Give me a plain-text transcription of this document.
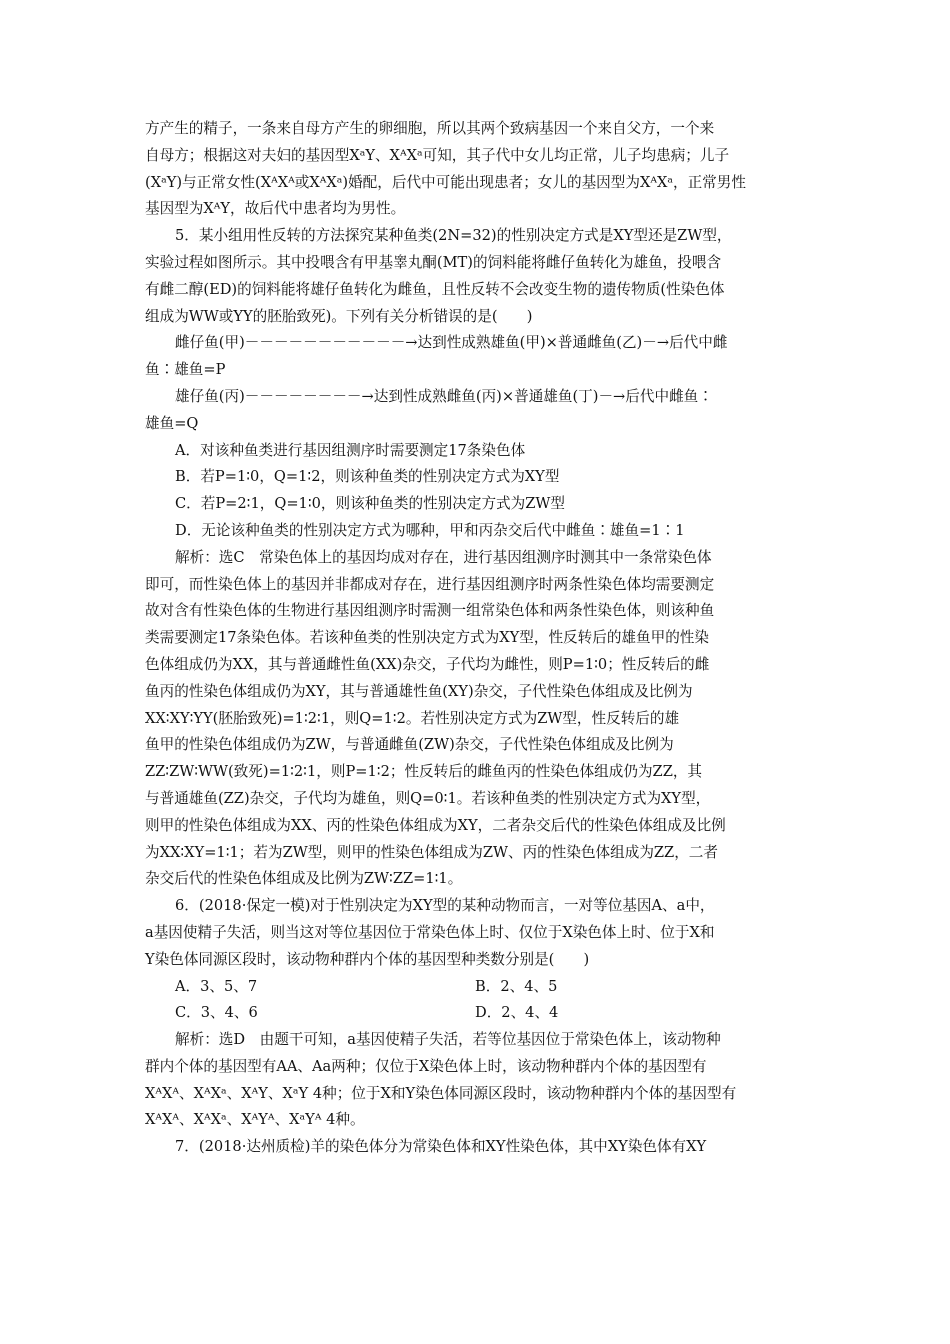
方产生的精子，一条来自母方产生的卵细胞，所以其两个致病基因一个来自父方，一个来
自母方；根据这对夫妇的基因型XᵃY、XᴬXᵃ可知，其子代中女儿均正常，儿子均患病；儿子
(XᵃY)与正常女性(XᴬXᴬ或XᴬXᵃ)婚配，后代中可能出现患者；女儿的基因型为XᴬXᵃ，正常男性
基因型为XᴬY，故后代中患者均为男性。
5．某小组用性反转的方法探究某种鱼类(2N=32)的性别决定方式是XY型还是ZW型，
实验过程如图所示。其中投喂含有甲基睾丸酮(MT)的饲料能将雌仔鱼转化为雄鱼，投喂含
有雌二醇(ED)的饲料能将雄仔鱼转化为雌鱼，且性反转不会改变生物的遗传物质(性染色体
组成为WW或YY的胚胎致死)。下列有关分析错误的是(　　)
雌仔鱼(甲)－－－－－－－－－－－→达到性成熟雄鱼(甲)×普通雌鱼(乙)－→后代中雌
鱼∶雄鱼=P
雄仔鱼(丙)－－－－－－－－→达到性成熟雌鱼(丙)×普通雄鱼(丁)－→后代中雌鱼∶
雄鱼=Q
A．对该种鱼类进行基因组测序时需要测定17条染色体
B．若P=1∶0，Q=1∶2，则该种鱼类的性别决定方式为XY型
C．若P=2∶1，Q=1∶0，则该种鱼类的性别决定方式为ZW型
D．无论该种鱼类的性别决定方式为哪种，甲和丙杂交后代中雌鱼∶雄鱼=1∶1
解析：选C　常染色体上的基因均成对存在，进行基因组测序时测其中一条常染色体
即可，而性染色体上的基因并非都成对存在，进行基因组测序时两条性染色体均需要测定
故对含有性染色体的生物进行基因组测序时需测一组常染色体和两条性染色体，则该种鱼
类需要测定17条染色体。若该种鱼类的性别决定方式为XY型，性反转后的雄鱼甲的性染
色体组成仍为XX，其与普通雌性鱼(XX)杂交，子代均为雌性，则P=1∶0；性反转后的雌
鱼丙的性染色体组成仍为XY，其与普通雄性鱼(XY)杂交，子代性染色体组成及比例为
XX∶XY∶YY(胚胎致死)=1∶2∶1，则Q=1∶2。若性别决定方式为ZW型，性反转后的雄
鱼甲的性染色体组成仍为ZW，与普通雌鱼(ZW)杂交，子代性染色体组成及比例为
ZZ∶ZW∶WW(致死)=1∶2∶1，则P=1∶2；性反转后的雌鱼丙的性染色体组成仍为ZZ，其
与普通雄鱼(ZZ)杂交，子代均为雄鱼，则Q=0∶1。若该种鱼类的性别决定方式为XY型，
则甲的性染色体组成为XX、丙的性染色体组成为XY，二者杂交后代的性染色体组成及比例
为XX∶XY=1∶1；若为ZW型，则甲的性染色体组成为ZW、丙的性染色体组成为ZZ，二者
杂交后代的性染色体组成及比例为ZW∶ZZ=1∶1。
6．(2018·保定一模)对于性别决定为XY型的某种动物而言，一对等位基因A、a中，
a基因使精子失活，则当这对等位基因位于常染色体上时、仅位于X染色体上时、位于X和
Y染色体同源区段时，该动物种群内个体的基因型种类数分别是(　　)
A．3、5、7	B．2、4、5
C．3、4、6	D．2、4、4
解析：选D　由题干可知，a基因使精子失活，若等位基因位于常染色体上，该动物种
群内个体的基因型有AA、Aa两种；仅位于X染色体上时，该动物种群内个体的基因型有
XᴬXᴬ、XᴬXᵃ、XᴬY、XᵃY 4种；位于X和Y染色体同源区段时，该动物种群内个体的基因型有
XᴬXᴬ、XᴬXᵃ、XᴬYᴬ、XᵃYᴬ 4种。
7．(2018·达州质检)羊的染色体分为常染色体和XY性染色体，其中XY染色体有XY
